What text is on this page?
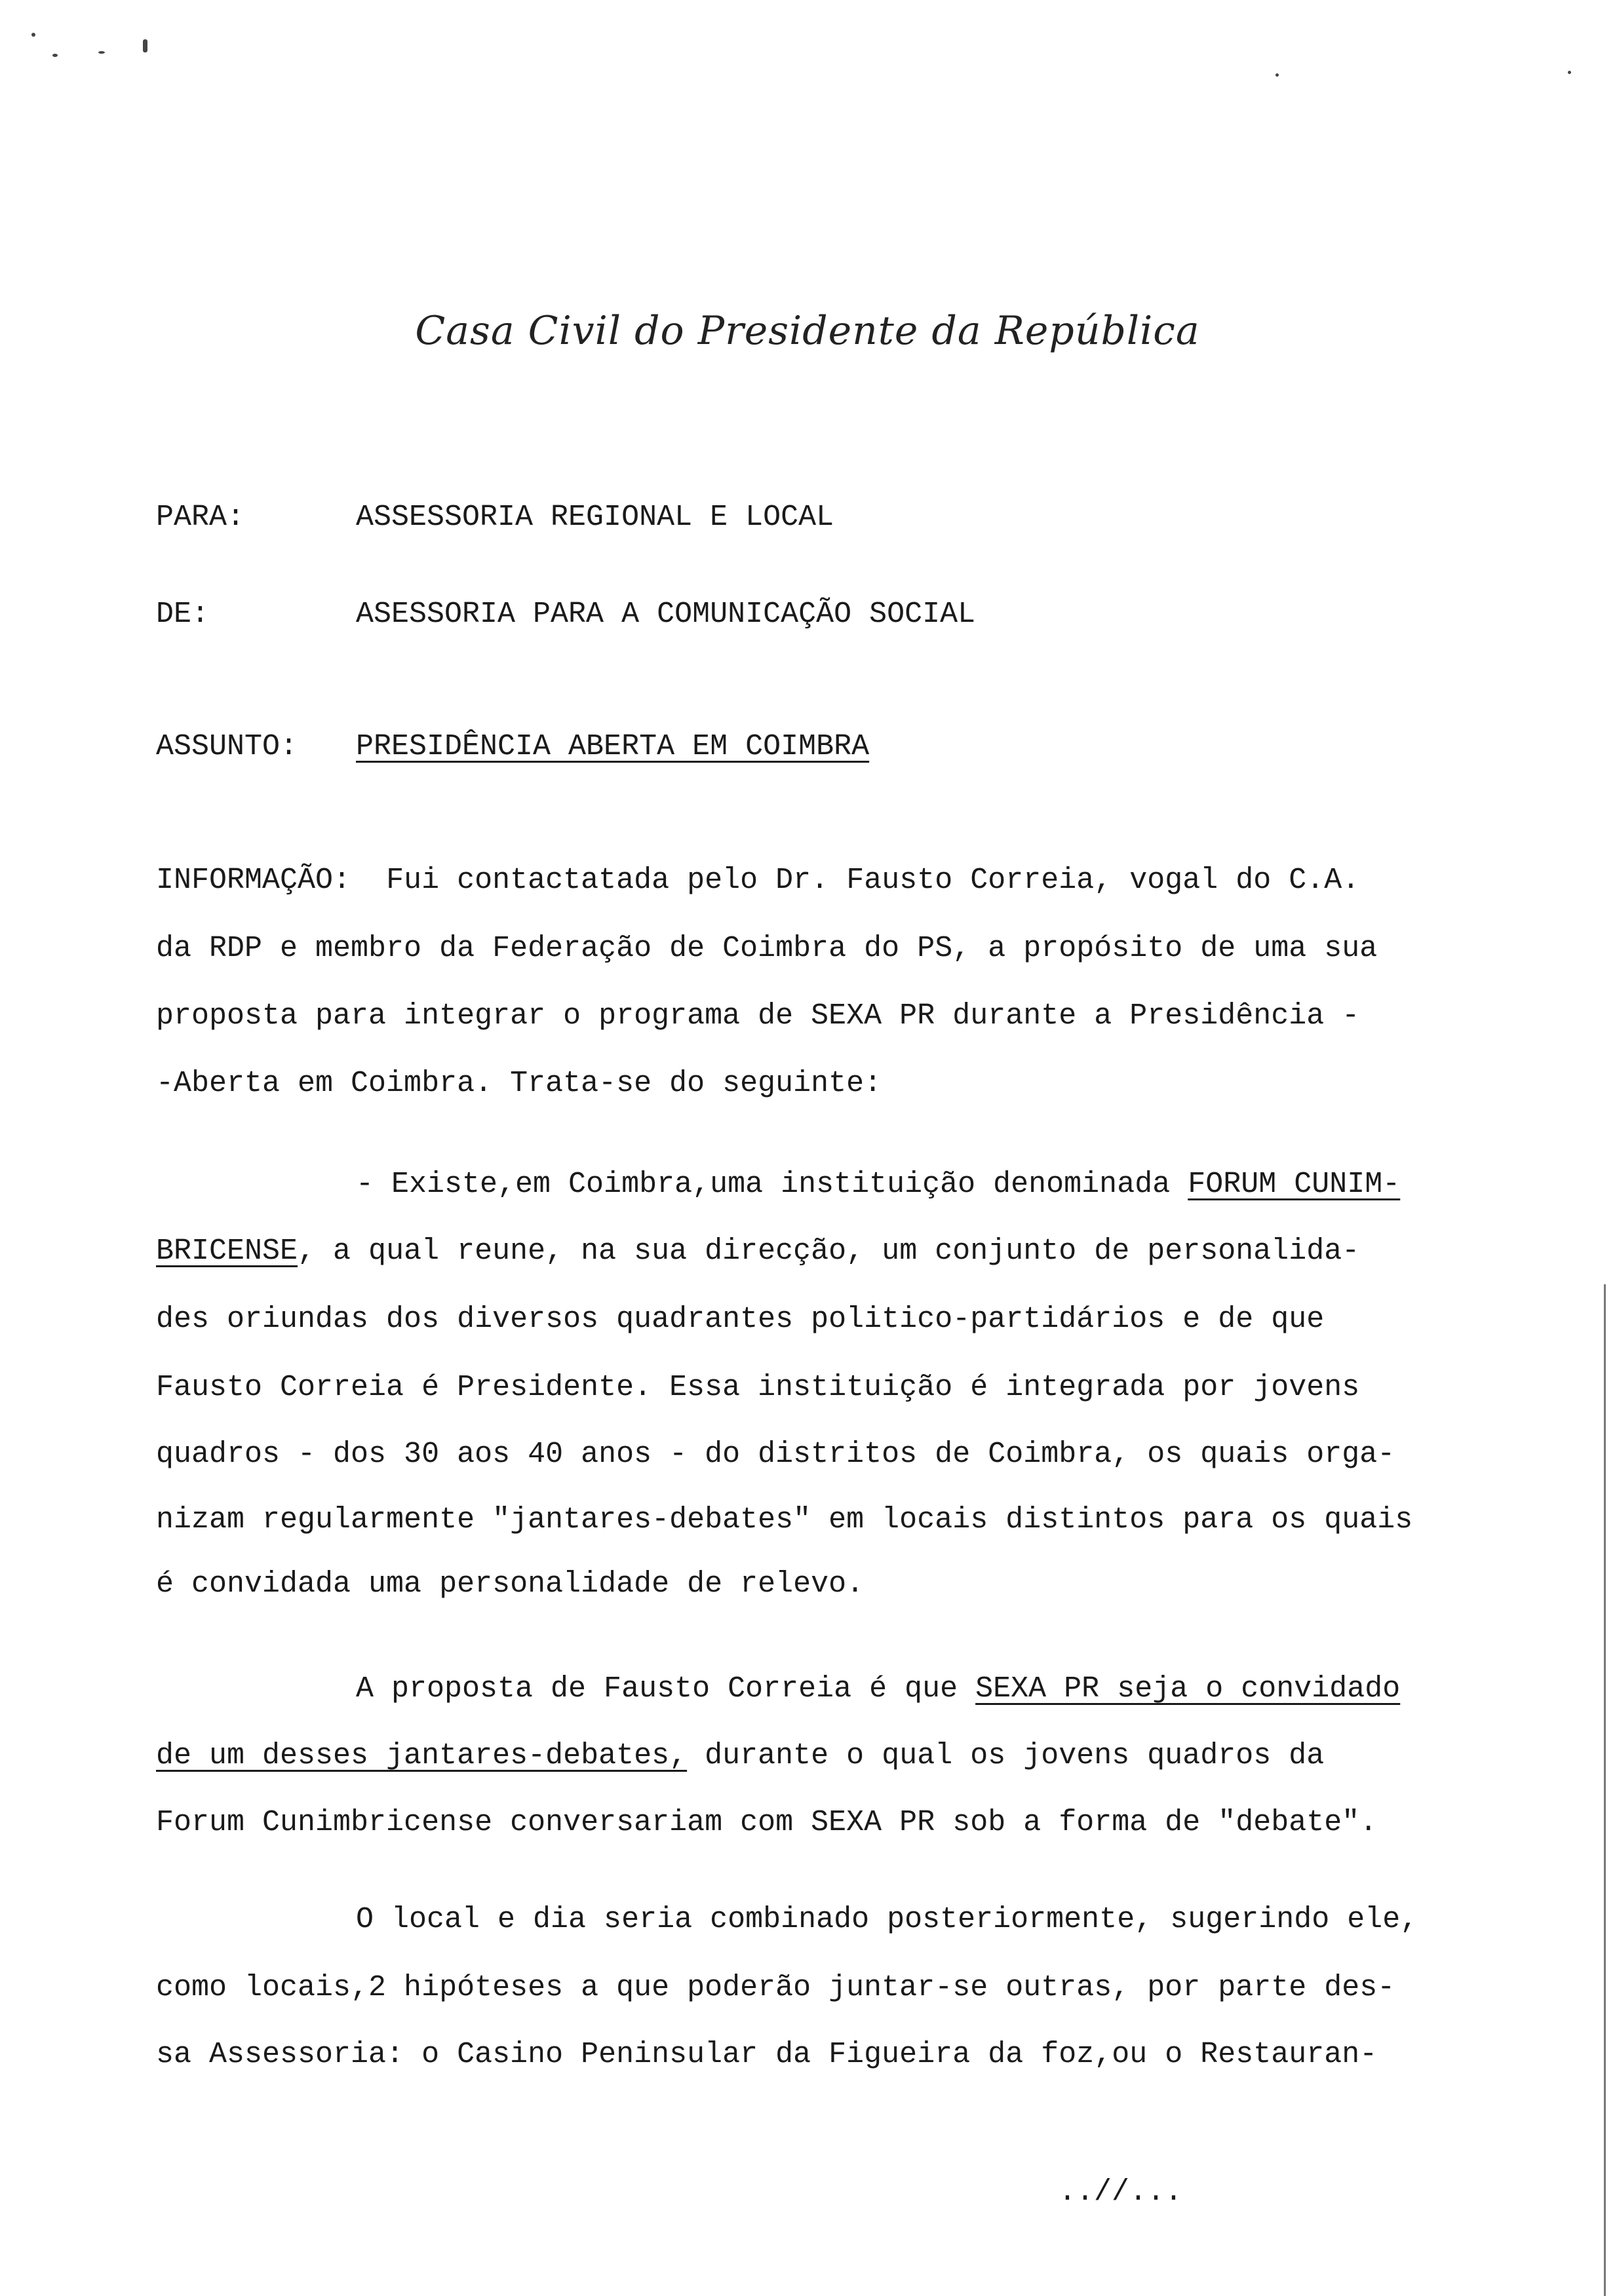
Casa Civil do Presidente da República
PARA:	ASSESSORIA REGIONAL E LOCAL
DE:	ASESSORIA PARA A COMUNICAÇÃO SOCIAL
ASSUNTO: PRESIDÊNCIA ABERTA EM COIMBRA
INFORMAÇÃO: Fui contactatada pelo Dr. Fausto Correia, vogal do C.A.
da RDP e membro da Federação de Coimbra do PS, a propósito de uma sua
proposta para integrar o programa de SEXA PR durante a Presidência -
-Aberta em Coimbra. Trata-se do seguinte:
- Existe,em Coimbra,uma instituição denominada FORUM CUNIM-
BRICENSE, a qual reune, na sua direcção, um conjunto de personalida-
des oriundas dos diversos quadrantes politico-partidários e de que
Fausto Correia é Presidente. Essa instituição é integrada por jovens
quadros - dos 30 aos 40 anos - do distritos de Coimbra, os quais orga-
nizam regularmente "jantares-debates" em locais distintos para os quais
é convidada uma personalidade de relevo.
A proposta de Fausto Correia é que SEXA PR seja o convidado
de um desses jantares-debates, durante o qual os jovens quadros da
Forum Cunimbricense conversariam com SEXA PR sob a forma de "debate".
O local e dia seria combinado posteriormente, sugerindo ele,
como locais,2 hipóteses a que poderão juntar-se outras, por parte des-
sa Assessoria: o Casino Peninsular da Figueira da foz,ou o Restauran-
..//...
